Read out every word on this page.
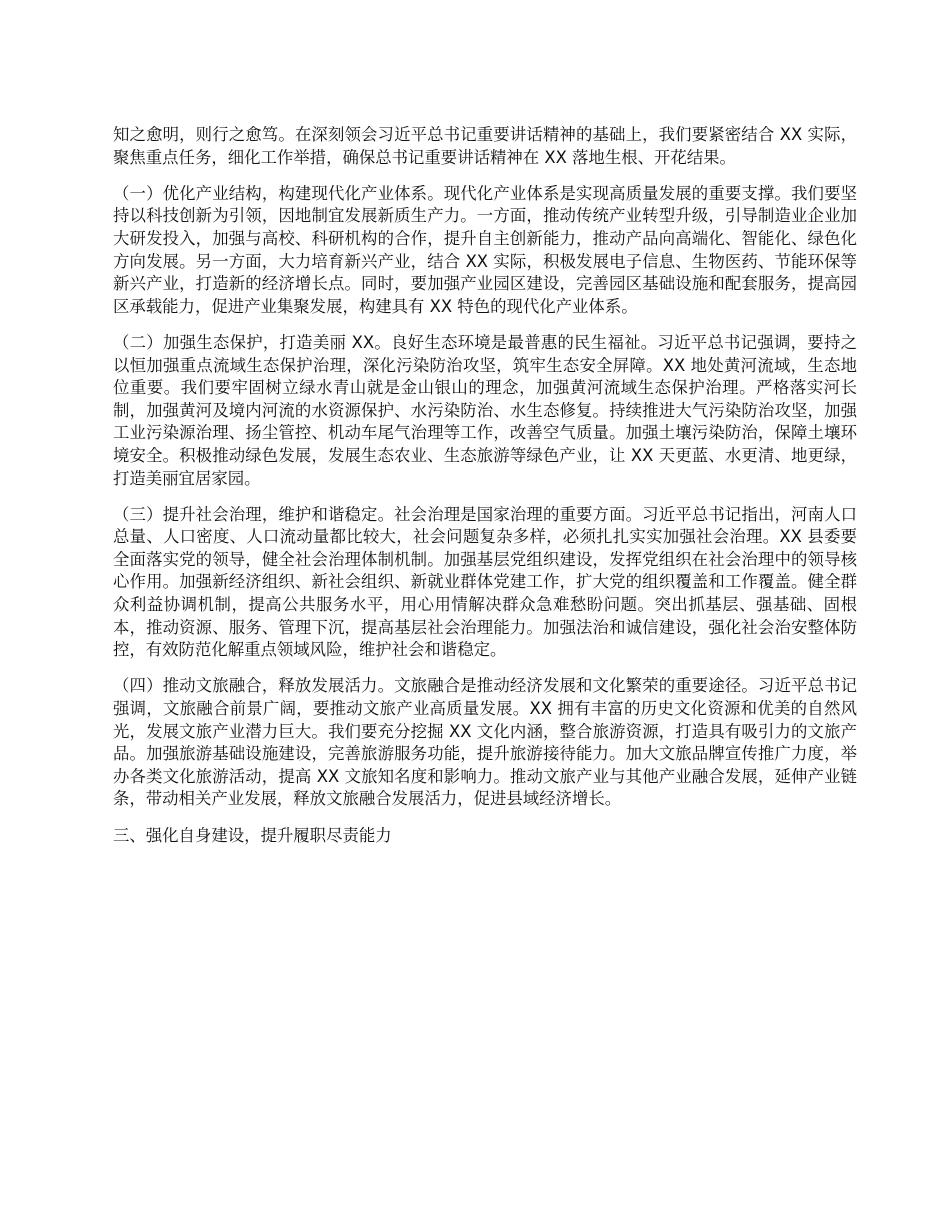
知之愈明，则行之愈笃。在深刻领会习近平总书记重要讲话精神的基础上，我们要紧密结合 XX 实际，聚焦重点任务，细化工作举措，确保总书记重要讲话精神在 XX 落地生根、开花结果。

（一）优化产业结构，构建现代化产业体系。现代化产业体系是实现高质量发展的重要支撑。我们要坚持以科技创新为引领，因地制宜发展新质生产力。一方面，推动传统产业转型升级，引导制造业企业加大研发投入，加强与高校、科研机构的合作，提升自主创新能力，推动产品向高端化、智能化、绿色化方向发展。另一方面，大力培育新兴产业，结合 XX 实际，积极发展电子信息、生物医药、节能环保等新兴产业，打造新的经济增长点。同时，要加强产业园区建设，完善园区基础设施和配套服务，提高园区承载能力，促进产业集聚发展，构建具有 XX 特色的现代化产业体系。

（二）加强生态保护，打造美丽 XX。良好生态环境是最普惠的民生福祉。习近平总书记强调，要持之以恒加强重点流域生态保护治理，深化污染防治攻坚，筑牢生态安全屏障。XX 地处黄河流域，生态地位重要。我们要牢固树立绿水青山就是金山银山的理念，加强黄河流域生态保护治理。严格落实河长制，加强黄河及境内河流的水资源保护、水污染防治、水生态修复。持续推进大气污染防治攻坚，加强工业污染源治理、扬尘管控、机动车尾气治理等工作，改善空气质量。加强土壤污染防治，保障土壤环境安全。积极推动绿色发展，发展生态农业、生态旅游等绿色产业，让 XX 天更蓝、水更清、地更绿，打造美丽宜居家园。

（三）提升社会治理，维护和谐稳定。社会治理是国家治理的重要方面。习近平总书记指出，河南人口总量、人口密度、人口流动量都比较大，社会问题复杂多样，必须扎扎实实加强社会治理。XX 县委要全面落实党的领导，健全社会治理体制机制。加强基层党组织建设，发挥党组织在社会治理中的领导核心作用。加强新经济组织、新社会组织、新就业群体党建工作，扩大党的组织覆盖和工作覆盖。健全群众利益协调机制，提高公共服务水平，用心用情解决群众急难愁盼问题。突出抓基层、强基础、固根本，推动资源、服务、管理下沉，提高基层社会治理能力。加强法治和诚信建设，强化社会治安整体防控，有效防范化解重点领域风险，维护社会和谐稳定。

（四）推动文旅融合，释放发展活力。文旅融合是推动经济发展和文化繁荣的重要途径。习近平总书记强调，文旅融合前景广阔，要推动文旅产业高质量发展。XX 拥有丰富的历史文化资源和优美的自然风光，发展文旅产业潜力巨大。我们要充分挖掘 XX 文化内涵，整合旅游资源，打造具有吸引力的文旅产品。加强旅游基础设施建设，完善旅游服务功能，提升旅游接待能力。加大文旅品牌宣传推广力度，举办各类文化旅游活动，提高 XX 文旅知名度和影响力。推动文旅产业与其他产业融合发展，延伸产业链条，带动相关产业发展，释放文旅融合发展活力，促进县域经济增长。

三、强化自身建设，提升履职尽责能力
